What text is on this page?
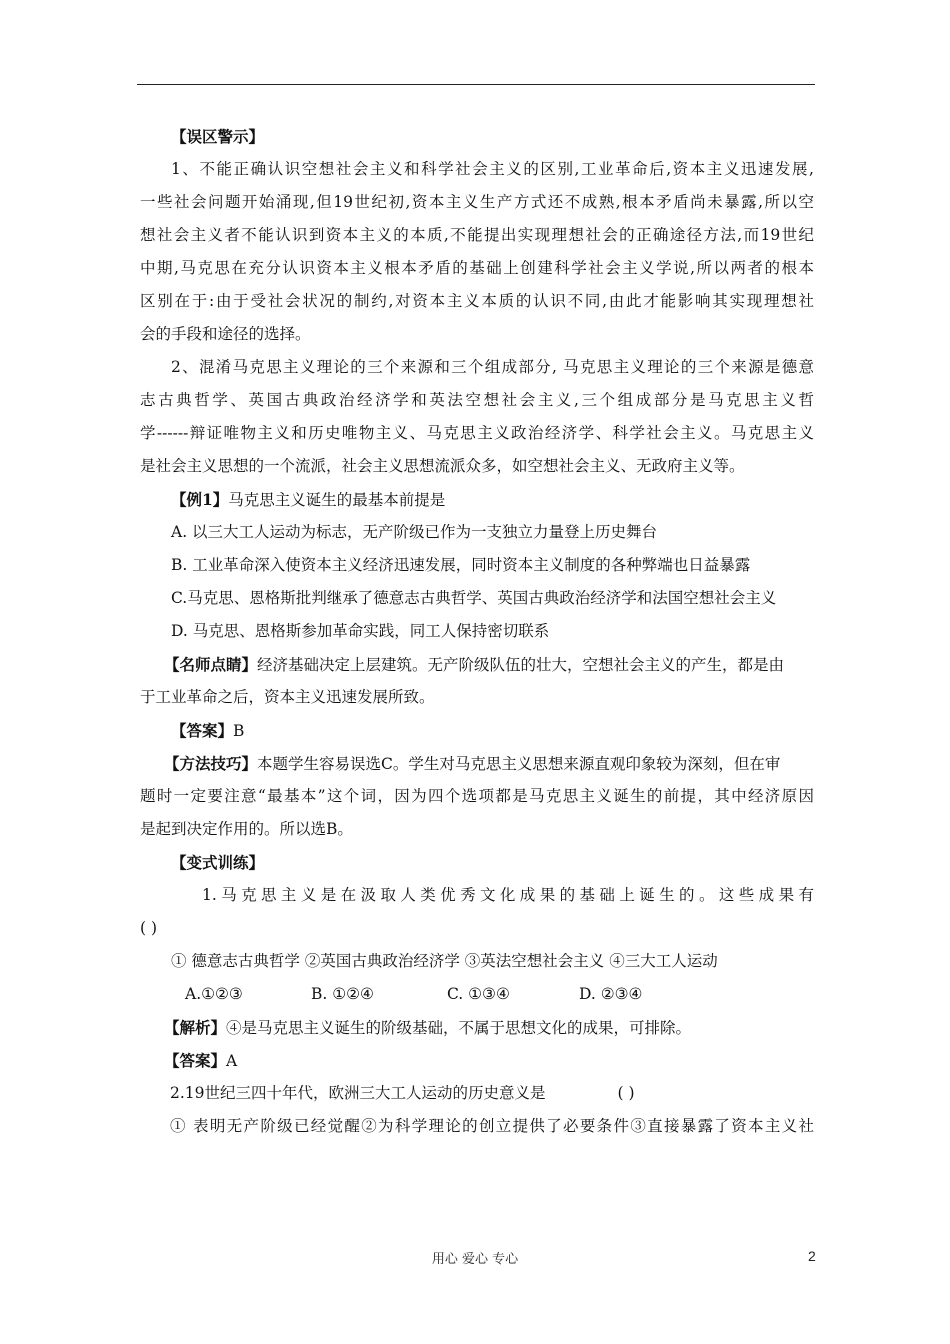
【误区警示】
1、不能正确认识空想社会主义和科学社会主义的区别,工业革命后,资本主义迅速发展,
一些社会问题开始涌现,但19世纪初,资本主义生产方式还不成熟,根本矛盾尚未暴露,所以空
想社会主义者不能认识到资本主义的本质,不能提出实现理想社会的正确途径方法,而19世纪
中期,马克思在充分认识资本主义根本矛盾的基础上创建科学社会主义学说,所以两者的根本
区别在于:由于受社会状况的制约,对资本主义本质的认识不同,由此才能影响其实现理想社
会的手段和途径的选择。
2、混淆马克思主义理论的三个来源和三个组成部分, 马克思主义理论的三个来源是德意
志古典哲学、英国古典政治经济学和英法空想社会主义,三个组成部分是马克思主义哲
学------辩证唯物主义和历史唯物主义、马克思主义政治经济学、科学社会主义。马克思主义
是社会主义思想的一个流派，社会主义思想流派众多，如空想社会主义、无政府主义等。
【例1】马克思主义诞生的最基本前提是
A. 以三大工人运动为标志，无产阶级已作为一支独立力量登上历史舞台
B. 工业革命深入使资本主义经济迅速发展，同时资本主义制度的各种弊端也日益暴露
C.马克思、恩格斯批判继承了德意志古典哲学、英国古典政治经济学和法国空想社会主义
D. 马克思、恩格斯参加革命实践，同工人保持密切联系
【名师点睛】经济基础决定上层建筑。无产阶级队伍的壮大，空想社会主义的产生，都是由
于工业革命之后，资本主义迅速发展所致。
【答案】B
【方法技巧】本题学生容易误选C。学生对马克思主义思想来源直观印象较为深刻，但在审
题时一定要注意“最基本”这个词，因为四个选项都是马克思主义诞生的前提，其中经济原因
是起到决定作用的。所以选B。
【变式训练】
1.马克思主义是在汲取人类优秀文化成果的基础上诞生的。这些成果有
( )
① 德意志古典哲学 ②英国古典政治经济学 ③英法空想社会主义 ④三大工人运动
A.①②③	B. ①②④	C. ①③④	D. ②③④
【解析】④是马克思主义诞生的阶级基础，不属于思想文化的成果，可排除。
【答案】A
2.19世纪三四十年代，欧洲三大工人运动的历史意义是	( )
① 表明无产阶级已经觉醒②为科学理论的创立提供了必要条件③直接暴露了资本主义社
用心 爱心 专心	2
